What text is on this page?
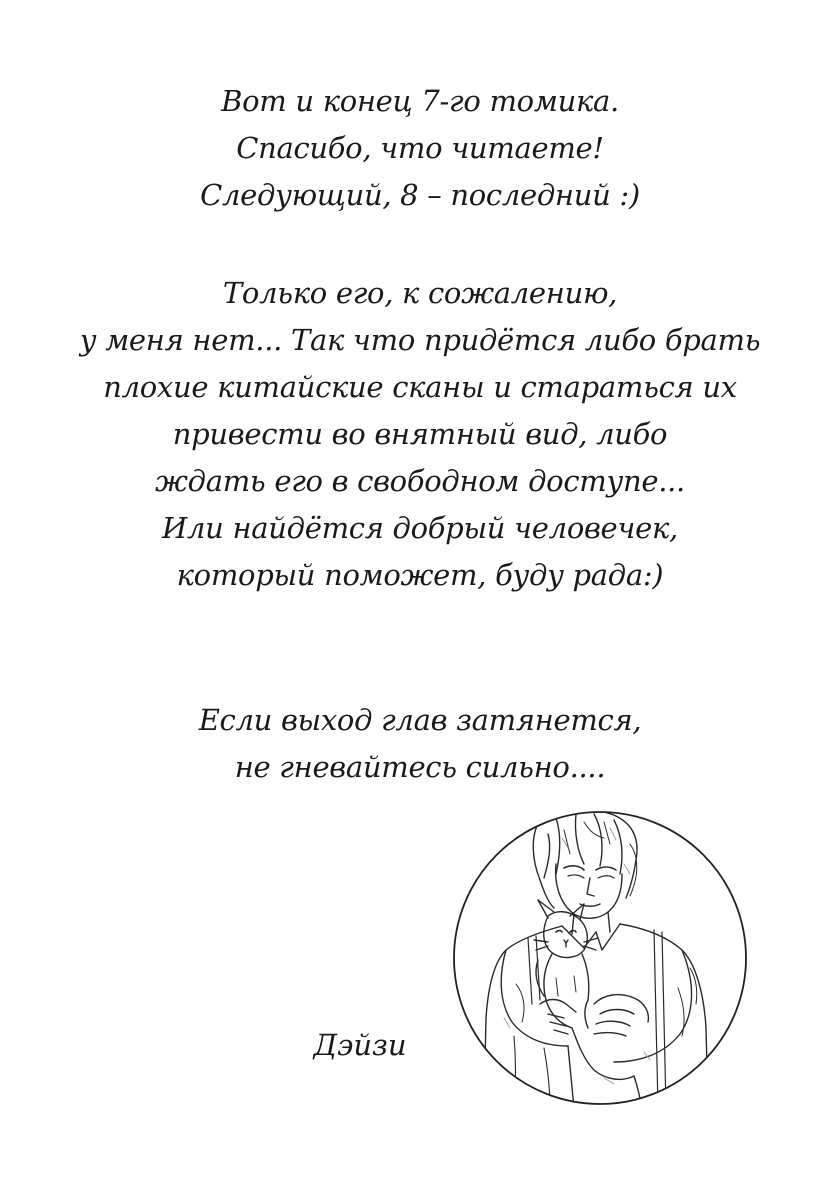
Вот и конец 7-го томика.
Спасибо, что читаете!
Следующий, 8 – последний :)
Только его, к сожалению,
у меня нет... Так что придётся либо брать
плохие китайские сканы и стараться их
привести во внятный вид, либо
ждать его в свободном доступе...
Или найдётся добрый человечек,
который поможет, буду рада:)
Если выход глав затянется,
не гневайтесь сильно....
Дэйзи
